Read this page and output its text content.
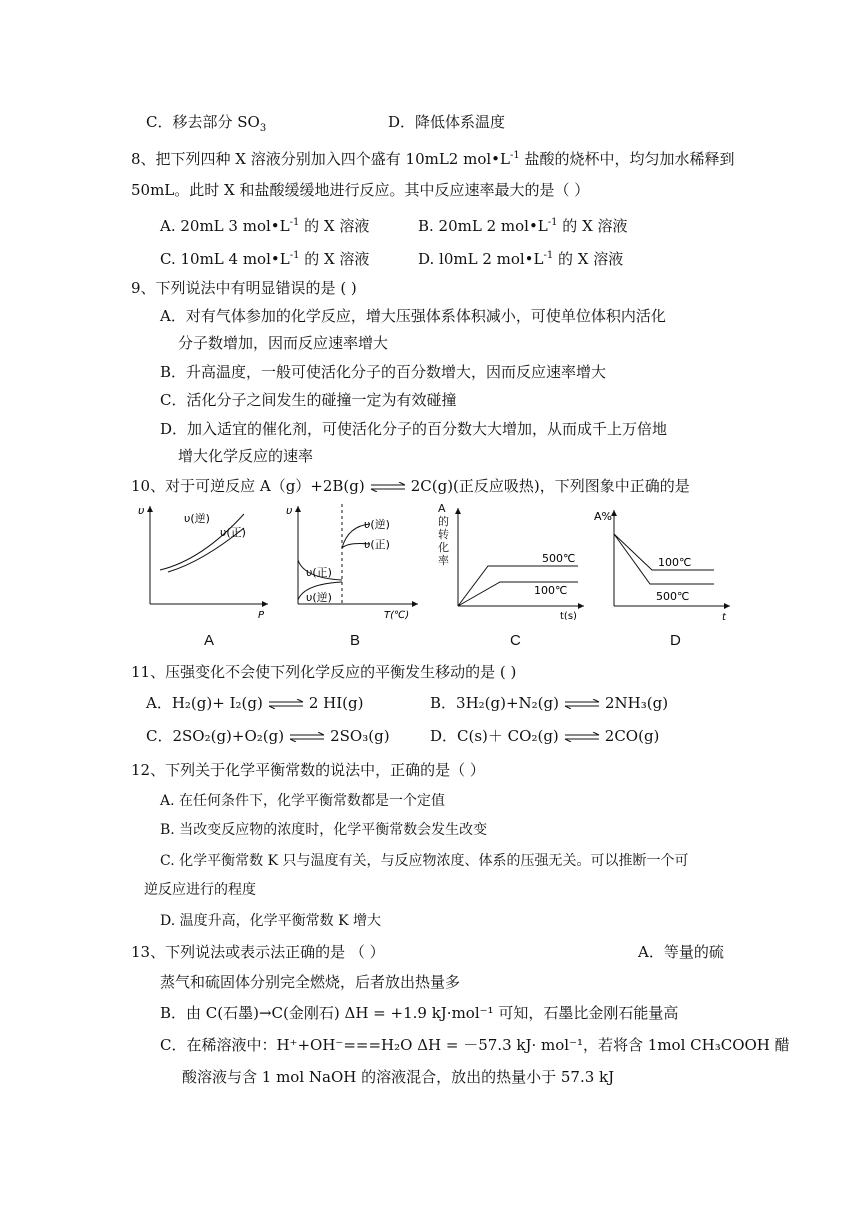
C．移去部分 $SO_3$	D．降低体系温度
8、把下列四种 X 溶液分别加入四个盛有 10mL2 $mol•L^{-1}$ 盐酸的烧杯中，均匀加水稀释到
50mL。此时 X 和盐酸缓缓地进行反应。其中反应速率最大的是（ ）
A. 20mL 3 $mol•L^{-1}$ 的 X 溶液	B. 20mL 2 $mol•L^{-1}$ 的 X 溶液
C. 10mL 4 $mol•L^{-1}$ 的 X 溶液	D. l0mL 2 $mol•L^{-1}$ 的 X 溶液
9、下列说法中有明显错误的是 ( )
A．对有气体参加的化学反应，增大压强体系体积减小，可使单位体积内活化
分子数增加，因而反应速率增大
B．升高温度，一般可使活化分子的百分数增大，因而反应速率增大
C．活化分子之间发生的碰撞一定为有效碰撞
D．加入适宜的催化剂，可使活化分子的百分数大大增加，从而成千上万倍地
增大化学反应的速率
10、对于可逆反应 A（g）+2B(g) ⇌ 2C(g)(正反应吸热)，下列图象中正确的是
υ
P
υ(逆)
υ(正)
A
υ
T(℃)
υ(正)
υ(逆)
υ(逆)
υ(正)
B
A的转化率
t(s)
500℃
100℃
C
A%
t
100℃
500℃
D
11、压强变化不会使下列化学反应的平衡发生移动的是 ( )
A．H₂(g)+ I₂(g) ⇌ 2 HI(g)	B．3H₂(g)+N₂(g) ⇌ 2NH₃(g)
C．2SO₂(g)+O₂(g) ⇌ 2SO₃(g)	D．C(s)＋ CO₂(g) ⇌ 2CO(g)
12、下列关于化学平衡常数的说法中，正确的是（ ）
A. 在任何条件下，化学平衡常数都是一个定值
B. 当改变反应物的浓度时，化学平衡常数会发生改变
C. 化学平衡常数 K 只与温度有关，与反应物浓度、体系的压强无关。可以推断一个可
逆反应进行的程度
D. 温度升高，化学平衡常数 K 增大
13、下列说法或表示法正确的是 （ ）	A．等量的硫
蒸气和硫固体分别完全燃烧，后者放出热量多
B．由 C(石墨)→C(金刚石) ΔH = +1.9 kJ·mol⁻¹ 可知，石墨比金刚石能量高
C．在稀溶液中：H⁺+OH⁻===H₂O ΔH = －57.3 kJ· mol⁻¹，若将含 1mol CH₃COOH 醋
酸溶液与含 1 mol NaOH 的溶液混合，放出的热量小于 57.3 kJ
